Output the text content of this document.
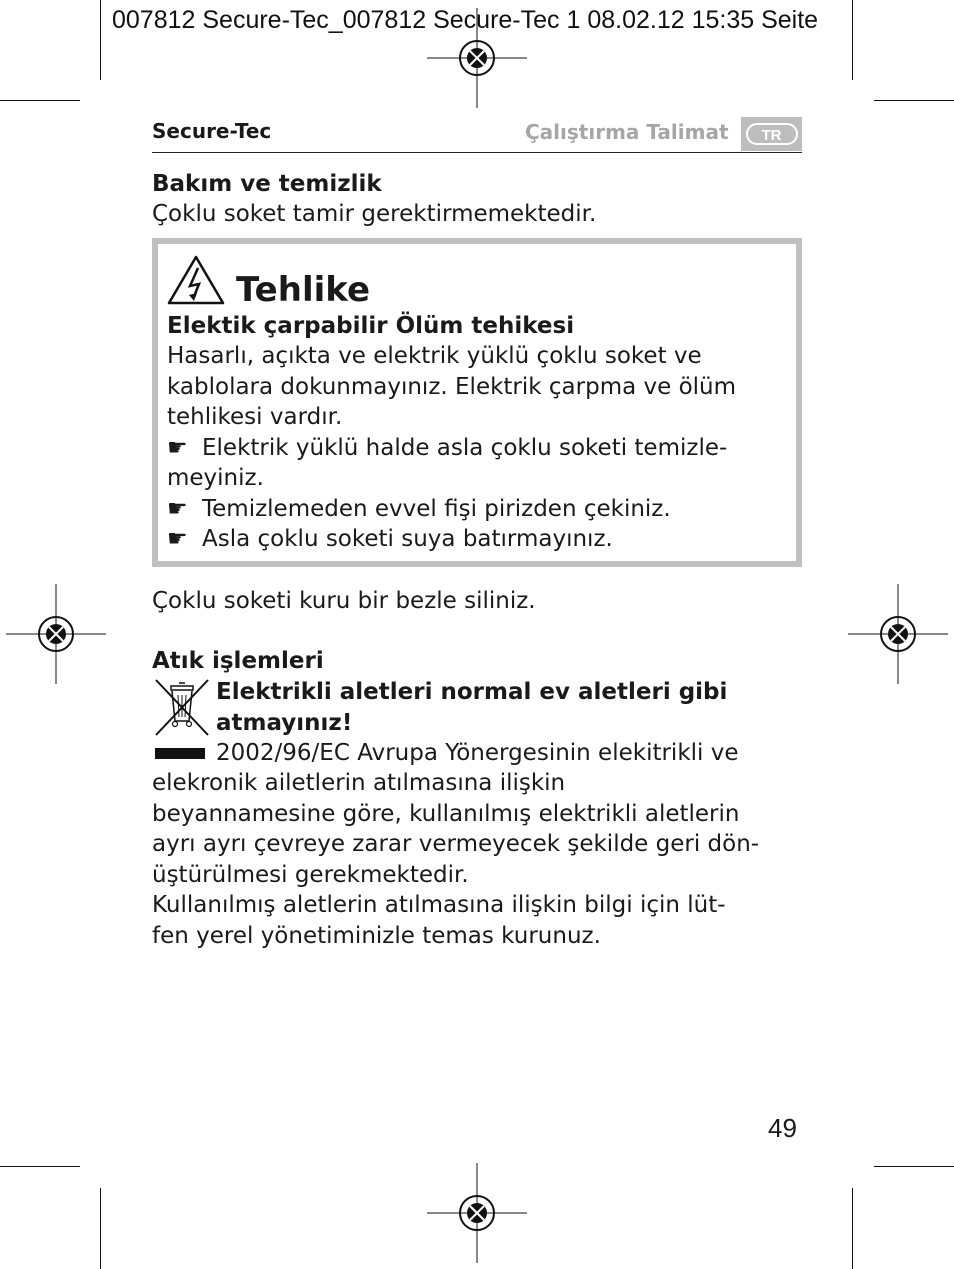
007812 Secure-Tec_007812 Secure-Tec 1 08.02.12 15:35 Seite
Secure-Tec	Çalıştırma Talimat	TR
Bakım ve temizlik
Çoklu soket tamir gerektirmemektedir.
Tehlike
Elektik çarpabilir Ölüm tehikesi
Hasarlı, açıkta ve elektrik yüklü çoklu soket ve
kablolara dokunmayınız. Elektrik çarpma ve ölüm
tehlikesi vardır.
☛ Elektrik yüklü halde asla çoklu soketi temizle-
meyiniz.
☛ Temizlemeden evvel fişi pirizden çekiniz.
☛ Asla çoklu soketi suya batırmayınız.
Çoklu soketi kuru bir bezle siliniz.
Atık işlemleri
Elektrikli aletleri normal ev aletleri gibi
atmayınız!
2002/96/EC Avrupa Yönergesinin elekitrikli ve
elekronik ailetlerin atılmasına ilişkin
beyannamesine göre, kullanılmış elektrikli aletlerin
ayrı ayrı çevreye zarar vermeyecek şekilde geri dön-
üştürülmesi gerekmektedir.
Kullanılmış aletlerin atılmasına ilişkin bilgi için lüt-
fen yerel yönetiminizle temas kurunuz.
49
